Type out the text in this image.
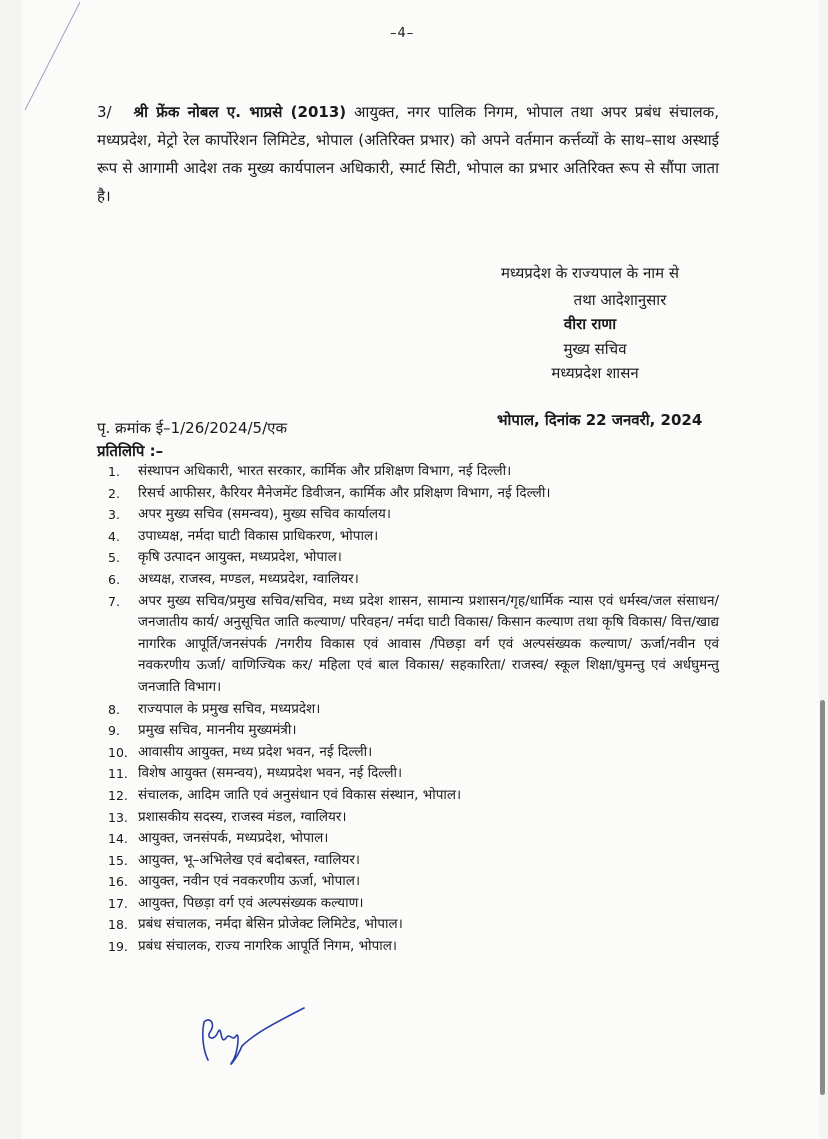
–4–
3/ श्री फ्रेंक नोबल ए. भाप्रसे (2013) आयुक्त, नगर पालिक निगम, भोपाल तथा अपर प्रबंध संचालक, मध्यप्रदेश, मेट्रो रेल कार्पोरेशन लिमिटेड, भोपाल (अतिरिक्त प्रभार) को अपने वर्तमान कर्त्तव्यों के साथ–साथ अस्थाई रूप से आगामी आदेश तक मुख्य कार्यपालन अधिकारी, स्मार्ट सिटी, भोपाल का प्रभार अतिरिक्त रूप से सौंपा जाता है।
मध्यप्रदेश के राज्यपाल के नाम से
तथा आदेशानुसार
वीरा राणा
मुख्य सचिव
मध्यप्रदेश शासन
पृ. क्रमांक ई–1/26/2024/5/एक	भोपाल, दिनांक 22 जनवरी, 2024
प्रतिलिपि :–
1.	संस्थापन अधिकारी, भारत सरकार, कार्मिक और प्रशिक्षण विभाग, नई दिल्ली।
2.	रिसर्च आफीसर, कैरियर मैनेजमेंट डिवीजन, कार्मिक और प्रशिक्षण विभाग, नई दिल्ली।
3.	अपर मुख्य सचिव (समन्वय), मुख्य सचिव कार्यालय।
4.	उपाध्यक्ष, नर्मदा घाटी विकास प्राधिकरण, भोपाल।
5.	कृषि उत्पादन आयुक्त, मध्यप्रदेश, भोपाल।
6.	अध्यक्ष, राजस्व, मण्डल, मध्यप्रदेश, ग्वालियर।
7.	अपर मुख्य सचिव/प्रमुख सचिव/सचिव, मध्य प्रदेश शासन, सामान्य प्रशासन/गृह/धार्मिक न्यास एवं धर्मस्व/जल संसाधन/जनजातीय कार्य/ अनुसूचित जाति कल्याण/ परिवहन/ नर्मदा घाटी विकास/ किसान कल्याण तथा कृषि विकास/ वित्त/खाद्य नागरिक आपूर्ति/जनसंपर्क /नगरीय विकास एवं आवास /पिछड़ा वर्ग एवं अल्पसंख्यक कल्याण/ ऊर्जा/नवीन एवं नवकरणीय ऊर्जा/ वाणिज्यिक कर/ महिला एवं बाल विकास/ सहकारिता/ राजस्व/ स्कूल शिक्षा/घुमन्तु एवं अर्धघुमन्तु जनजाति विभाग।
8.	राज्यपाल के प्रमुख सचिव, मध्यप्रदेश।
9.	प्रमुख सचिव, माननीय मुख्यमंत्री।
10. आवासीय आयुक्त, मध्य प्रदेश भवन, नई दिल्ली।
11. विशेष आयुक्त (समन्वय), मध्यप्रदेश भवन, नई दिल्ली।
12. संचालक, आदिम जाति एवं अनुसंधान एवं विकास संस्थान, भोपाल।
13. प्रशासकीय सदस्य, राजस्व मंडल, ग्वालियर।
14. आयुक्त, जनसंपर्क, मध्यप्रदेश, भोपाल।
15. आयुक्त, भू–अभिलेख एवं बदोबस्त, ग्वालियर।
16. आयुक्त, नवीन एवं नवकरणीय ऊर्जा, भोपाल।
17. आयुक्त, पिछड़ा वर्ग एवं अल्पसंख्यक कल्याण।
18. प्रबंध संचालक, नर्मदा बेसिन प्रोजेक्ट लिमिटेड, भोपाल।
19. प्रबंध संचालक, राज्य नागरिक आपूर्ति निगम, भोपाल।
